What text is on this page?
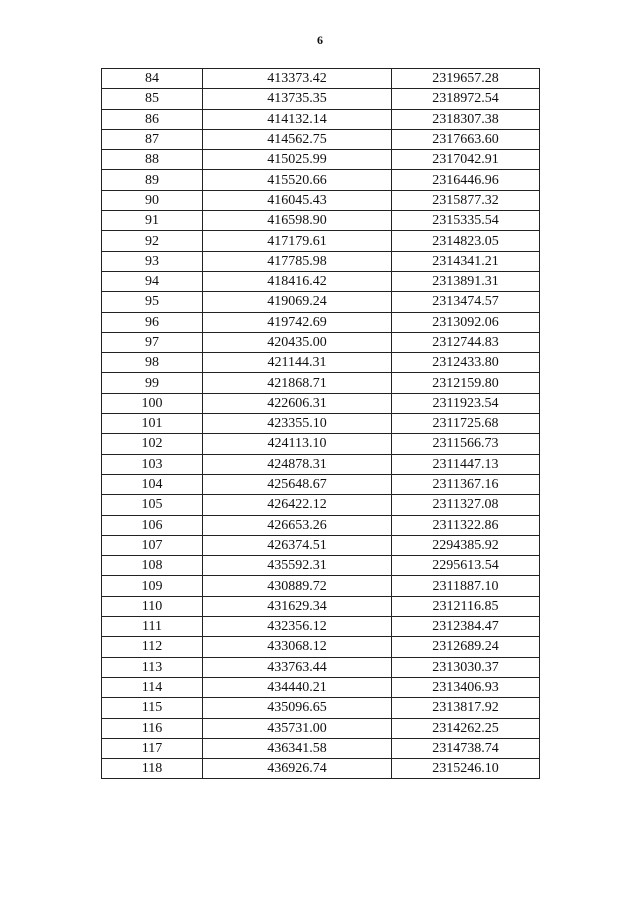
6
84	413373.42	2319657.28
85	413735.35	2318972.54
86	414132.14	2318307.38
87	414562.75	2317663.60
88	415025.99	2317042.91
89	415520.66	2316446.96
90	416045.43	2315877.32
91	416598.90	2315335.54
92	417179.61	2314823.05
93	417785.98	2314341.21
94	418416.42	2313891.31
95	419069.24	2313474.57
96	419742.69	2313092.06
97	420435.00	2312744.83
98	421144.31	2312433.80
99	421868.71	2312159.80
100	422606.31	2311923.54
101	423355.10	2311725.68
102	424113.10	2311566.73
103	424878.31	2311447.13
104	425648.67	2311367.16
105	426422.12	2311327.08
106	426653.26	2311322.86
107	426374.51	2294385.92
108	435592.31	2295613.54
109	430889.72	2311887.10
110	431629.34	2312116.85
111	432356.12	2312384.47
112	433068.12	2312689.24
113	433763.44	2313030.37
114	434440.21	2313406.93
115	435096.65	2313817.92
116	435731.00	2314262.25
117	436341.58	2314738.74
118	436926.74	2315246.10
